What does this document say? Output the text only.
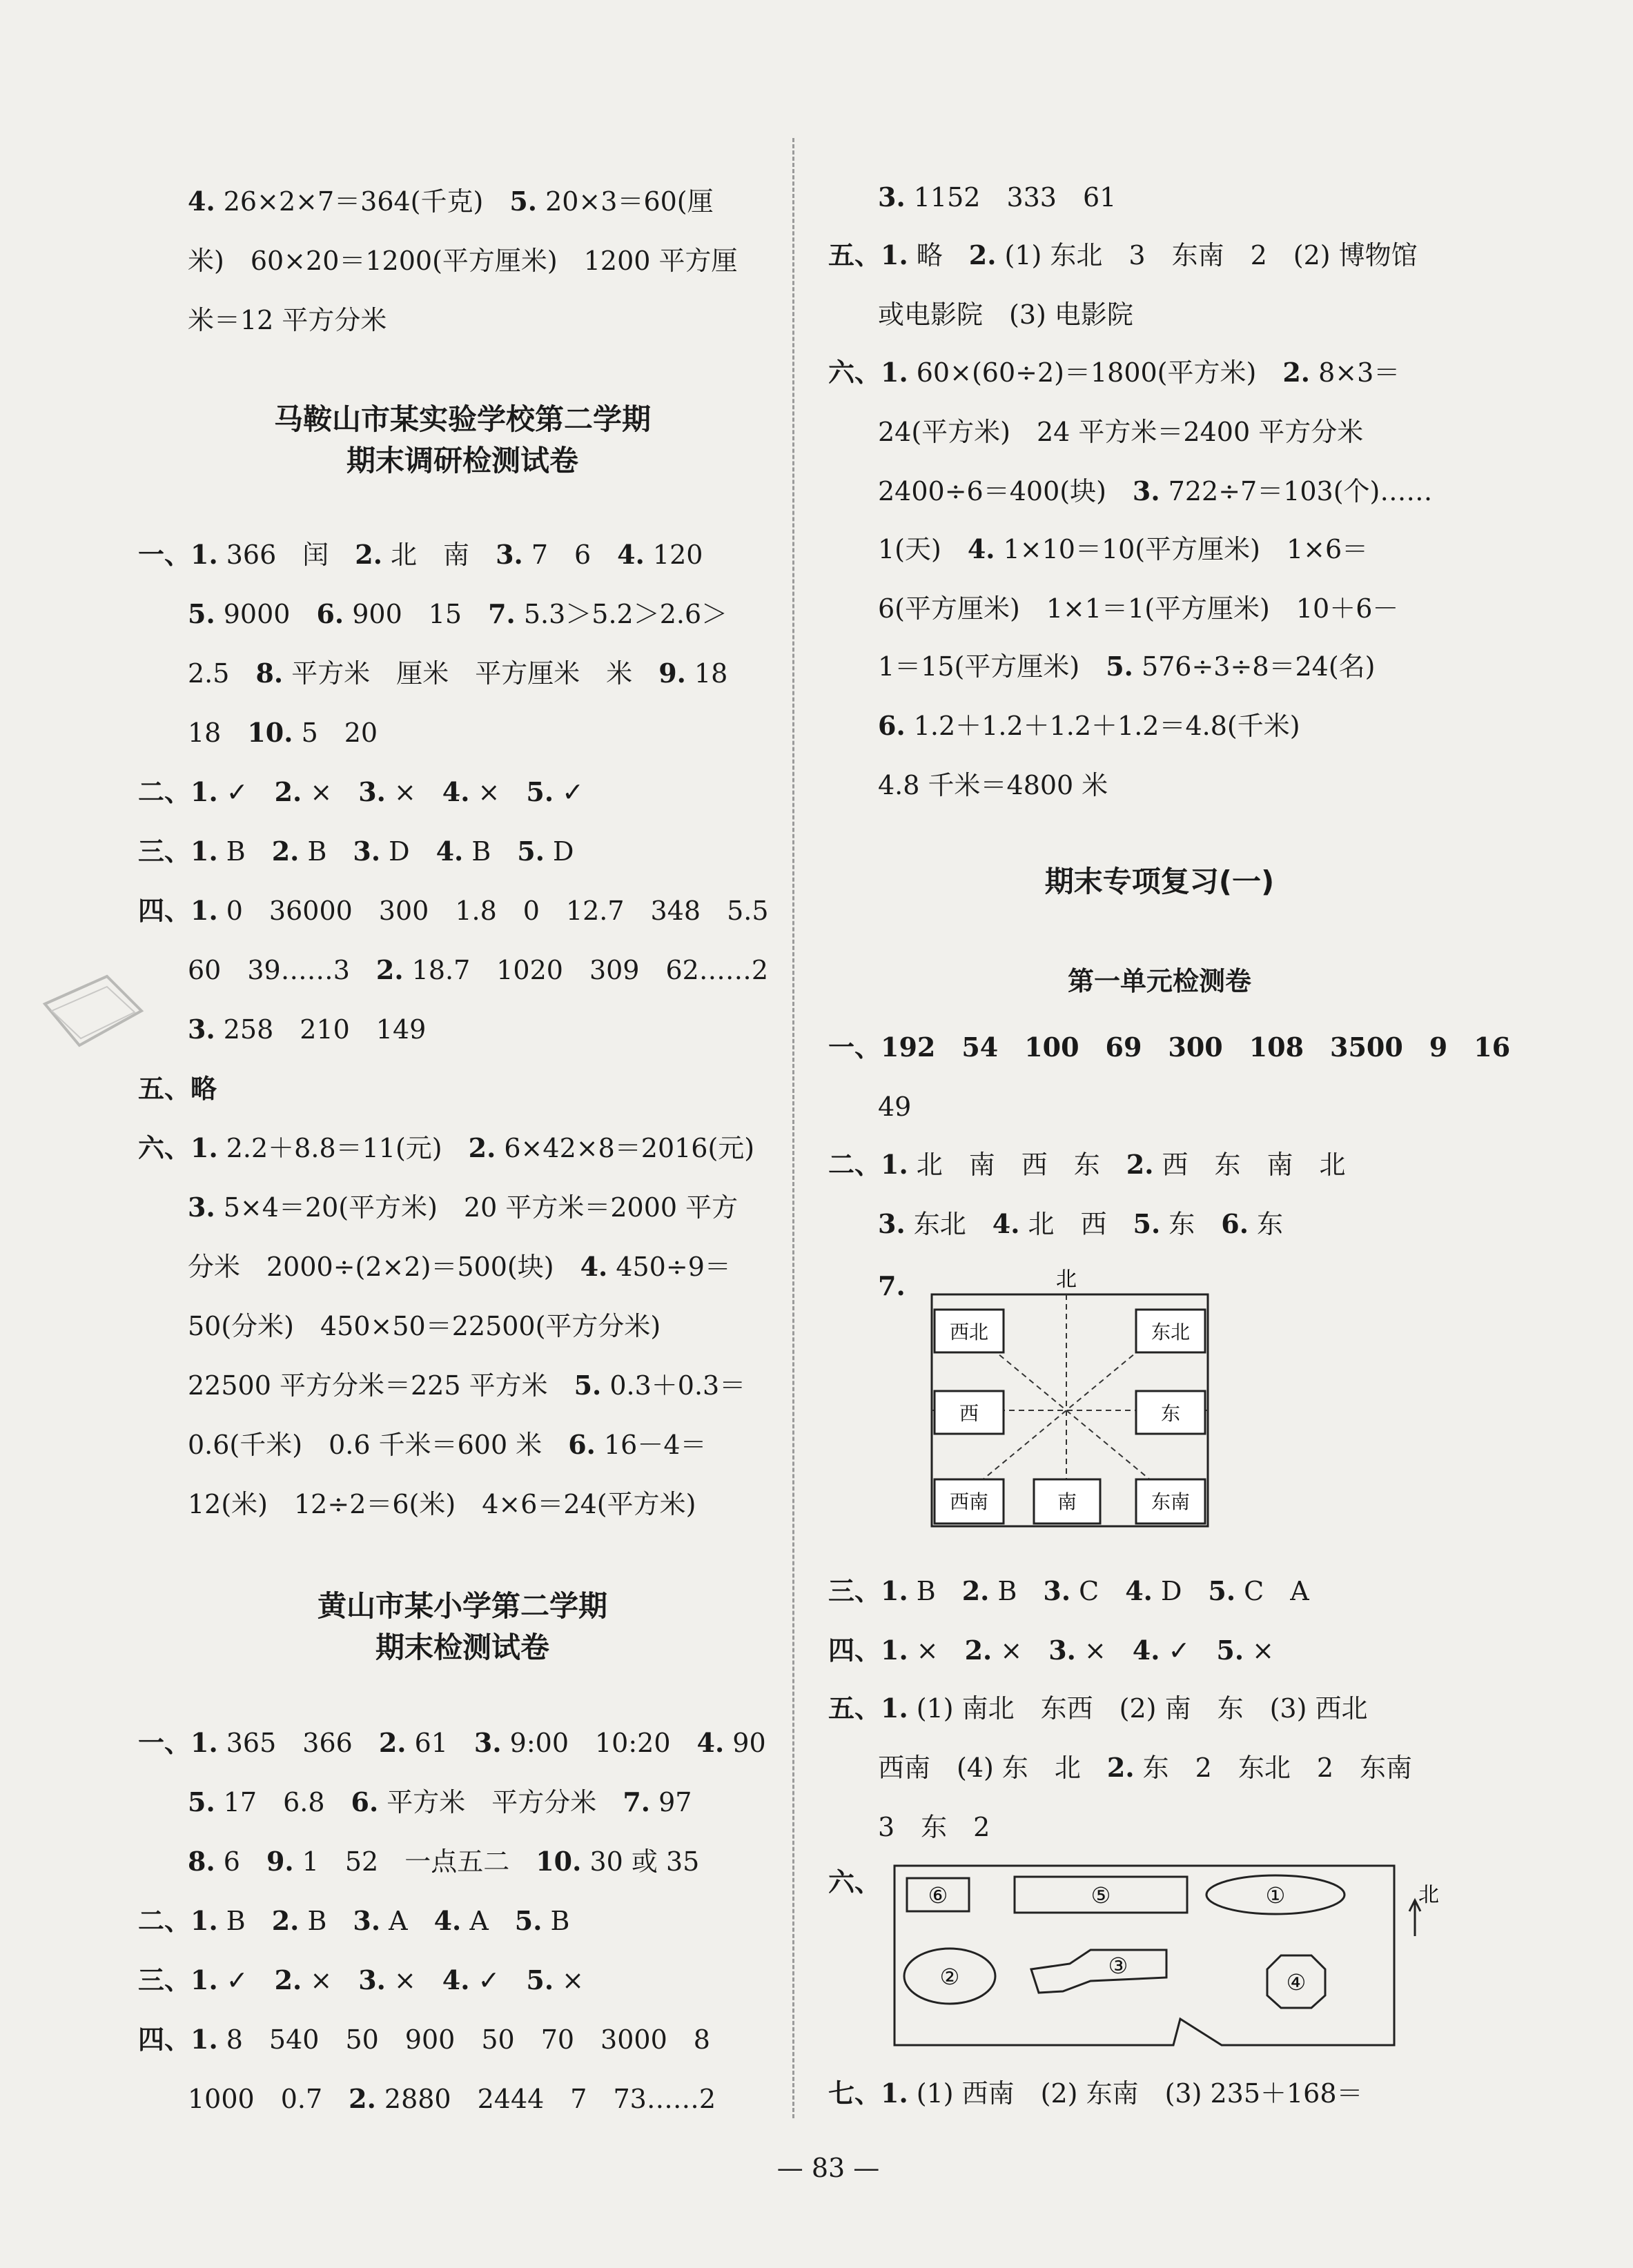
4. 26×2×7＝364(千克)　5. 20×3＝60(厘
米)　60×20＝1200(平方厘米)　1200 平方厘
米＝12 平方分米
马鞍山市某实验学校第二学期
期末调研检测试卷
一、1. 366　闰　2. 北　南　3. 7　6　4. 120
5. 9000　6. 900　15　7. 5.3＞5.2＞2.6＞
2.5　8. 平方米　厘米　平方厘米　米　9. 18
18　10. 5　20
二、1. ✓　2. ×　3. ×　4. ×　5. ✓
三、1. B　2. B　3. D　4. B　5. D
四、1. 0　36000　300　1.8　0　12.7　348　5.5
60　39……3　2. 18.7　1020　309　62……2
3. 258　210　149
五、略
六、1. 2.2＋8.8＝11(元)　2. 6×42×8＝2016(元)
3. 5×4＝20(平方米)　20 平方米＝2000 平方
分米　2000÷(2×2)＝500(块)　4. 450÷9＝
50(分米)　450×50＝22500(平方分米)
22500 平方分米＝225 平方米　5. 0.3＋0.3＝
0.6(千米)　0.6 千米＝600 米　6. 16－4＝
12(米)　12÷2＝6(米)　4×6＝24(平方米)
黄山市某小学第二学期
期末检测试卷
一、1. 365　366　2. 61　3. 9:00　10:20　4. 90
5. 17　6.8　6. 平方米　平方分米　7. 97
8. 6　9. 1　52　一点五二　10. 30 或 35
二、1. B　2. B　3. A　4. A　5. B
三、1. ✓　2. ×　3. ×　4. ✓　5. ×
四、1. 8　540　50　900　50　70　3000　8
1000　0.7　2. 2880　2444　7　73……2
3. 1152　333　61
五、1. 略　2. (1) 东北　3　东南　2　(2) 博物馆
或电影院　(3) 电影院
六、1. 60×(60÷2)＝1800(平方米)　2. 8×3＝
24(平方米)　24 平方米＝2400 平方分米
2400÷6＝400(块)　3. 722÷7＝103(个)……
1(天)　4. 1×10＝10(平方厘米)　1×6＝
6(平方厘米)　1×1＝1(平方厘米)　10＋6－
1＝15(平方厘米)　5. 576÷3÷8＝24(名)
6. 1.2＋1.2＋1.2＋1.2＝4.8(千米)
4.8 千米＝4800 米
期末专项复习(一)
第一单元检测卷
一、192　54　100　69　300　108　3500　9　16
49
二、1. 北　南　西　东　2. 西　东　南　北
3. 东北　4. 北　西　5. 东　6. 东
7.	北
西北	东北
西	东
西南	南	东南
三、1. B　2. B　3. C　4. D　5. C　A
四、1. ×　2. ×　3. ×　4. ✓　5. ×
五、1. (1) 南北　东西　(2) 南　东　(3) 西北
西南　(4) 东　北　2. 东　2　东北　2　东南
3　东　2
六、 ⑥	⑤	①
②	③
④
北
七、1. (1) 西南　(2) 东南　(3) 235＋168＝
— 83 —
